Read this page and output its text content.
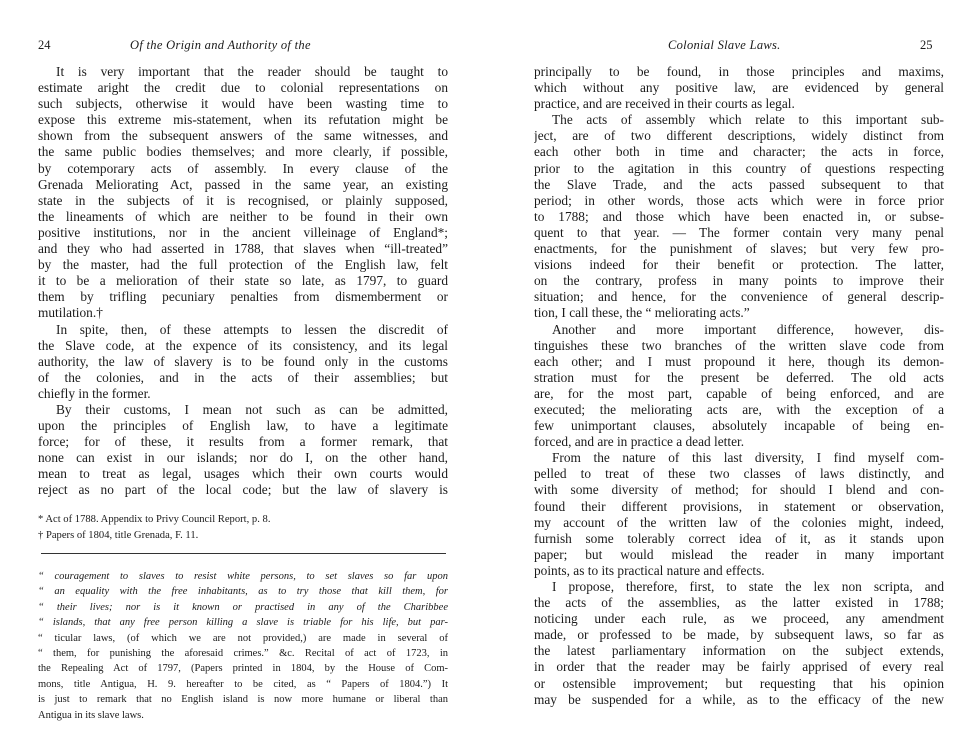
24	Of the Origin and Authority of the
It is very important that the reader should be taught to
estimate aright the credit due to colonial representations on
such subjects, otherwise it would have been wasting time to
expose this extreme mis-statement, when its refutation might be
shown from the subsequent answers of the same witnesses, and
the same public bodies themselves; and more clearly, if possible,
by cotemporary acts of assembly. In every clause of the
Grenada Meliorating Act, passed in the same year, an existing
state in the subjects of it is recognised, or plainly supposed,
the lineaments of which are neither to be found in their own
positive institutions, nor in the ancient villeinage of England*;
and they who had asserted in 1788, that slaves when “ill-treated”
by the master, had the full protection of the English law, felt
it to be a melioration of their state so late, as 1797, to guard
them by trifling pecuniary penalties from dismemberment or
mutilation.†
In spite, then, of these attempts to lessen the discredit of
the Slave code, at the expence of its consistency, and its legal
authority, the law of slavery is to be found only in the customs
of the colonies, and in the acts of their assemblies; but
chiefly in the former.
By their customs, I mean not such as can be admitted,
upon the principles of English law, to have a legitimate
force; for of these, it results from a former remark, that
none can exist in our islands; nor do I, on the other hand,
mean to treat as legal, usages which their own courts would
reject as no part of the local code; but the law of slavery is
* Act of 1788. Appendix to Privy Council Report, p. 8.
† Papers of 1804, title Grenada, F. 11.
“ couragement to slaves to resist white persons, to set slaves so far upon
“ an equality with the free inhabitants, as to try those that kill them, for
“ their lives; nor is it known or practised in any of the Charibbee
“ islands, that any free person killing a slave is triable for his life, but par-
“ ticular laws, (of which we are not provided,) are made in several of
“ them, for punishing the aforesaid crimes.” &c. Recital of act of 1723, in
the Repealing Act of 1797, (Papers printed in 1804, by the House of Com-
mons, title Antigua, H. 9. hereafter to be cited, as “ Papers of 1804.”) It
is just to remark that no English island is now more humane or liberal than
Antigua in its slave laws.
Colonial Slave Laws.	25
principally to be found, in those principles and maxims,
which without any positive law, are evidenced by general
practice, and are received in their courts as legal.
The acts of assembly which relate to this important sub-
ject, are of two different descriptions, widely distinct from
each other both in time and character; the acts in force,
prior to the agitation in this country of questions respecting
the Slave Trade, and the acts passed subsequent to that
period; in other words, those acts which were in force prior
to 1788; and those which have been enacted in, or subse-
quent to that year. — The former contain very many penal
enactments, for the punishment of slaves; but very few pro-
visions indeed for their benefit or protection. The latter,
on the contrary, profess in many points to improve their
situation; and hence, for the convenience of general descrip-
tion, I call these, the “ meliorating acts.”
Another and more important difference, however, dis-
tinguishes these two branches of the written slave code from
each other; and I must propound it here, though its demon-
stration must for the present be deferred. The old acts
are, for the most part, capable of being enforced, and are
executed; the meliorating acts are, with the exception of a
few unimportant clauses, absolutely incapable of being en-
forced, and are in practice a dead letter.
From the nature of this last diversity, I find myself com-
pelled to treat of these two classes of laws distinctly, and
with some diversity of method; for should I blend and con-
found their different provisions, in statement or observation,
my account of the written law of the colonies might, indeed,
furnish some tolerably correct idea of it, as it stands upon
paper; but would mislead the reader in many important
points, as to its practical nature and effects.
I propose, therefore, first, to state the lex non scripta, and
the acts of the assemblies, as the latter existed in 1788;
noticing under each rule, as we proceed, any amendment
made, or professed to be made, by subsequent laws, so far as
the latest parliamentary information on the subject extends,
in order that the reader may be fairly apprised of every real
or ostensible improvement; but requesting that his opinion
may be suspended for a while, as to the efficacy of the new
